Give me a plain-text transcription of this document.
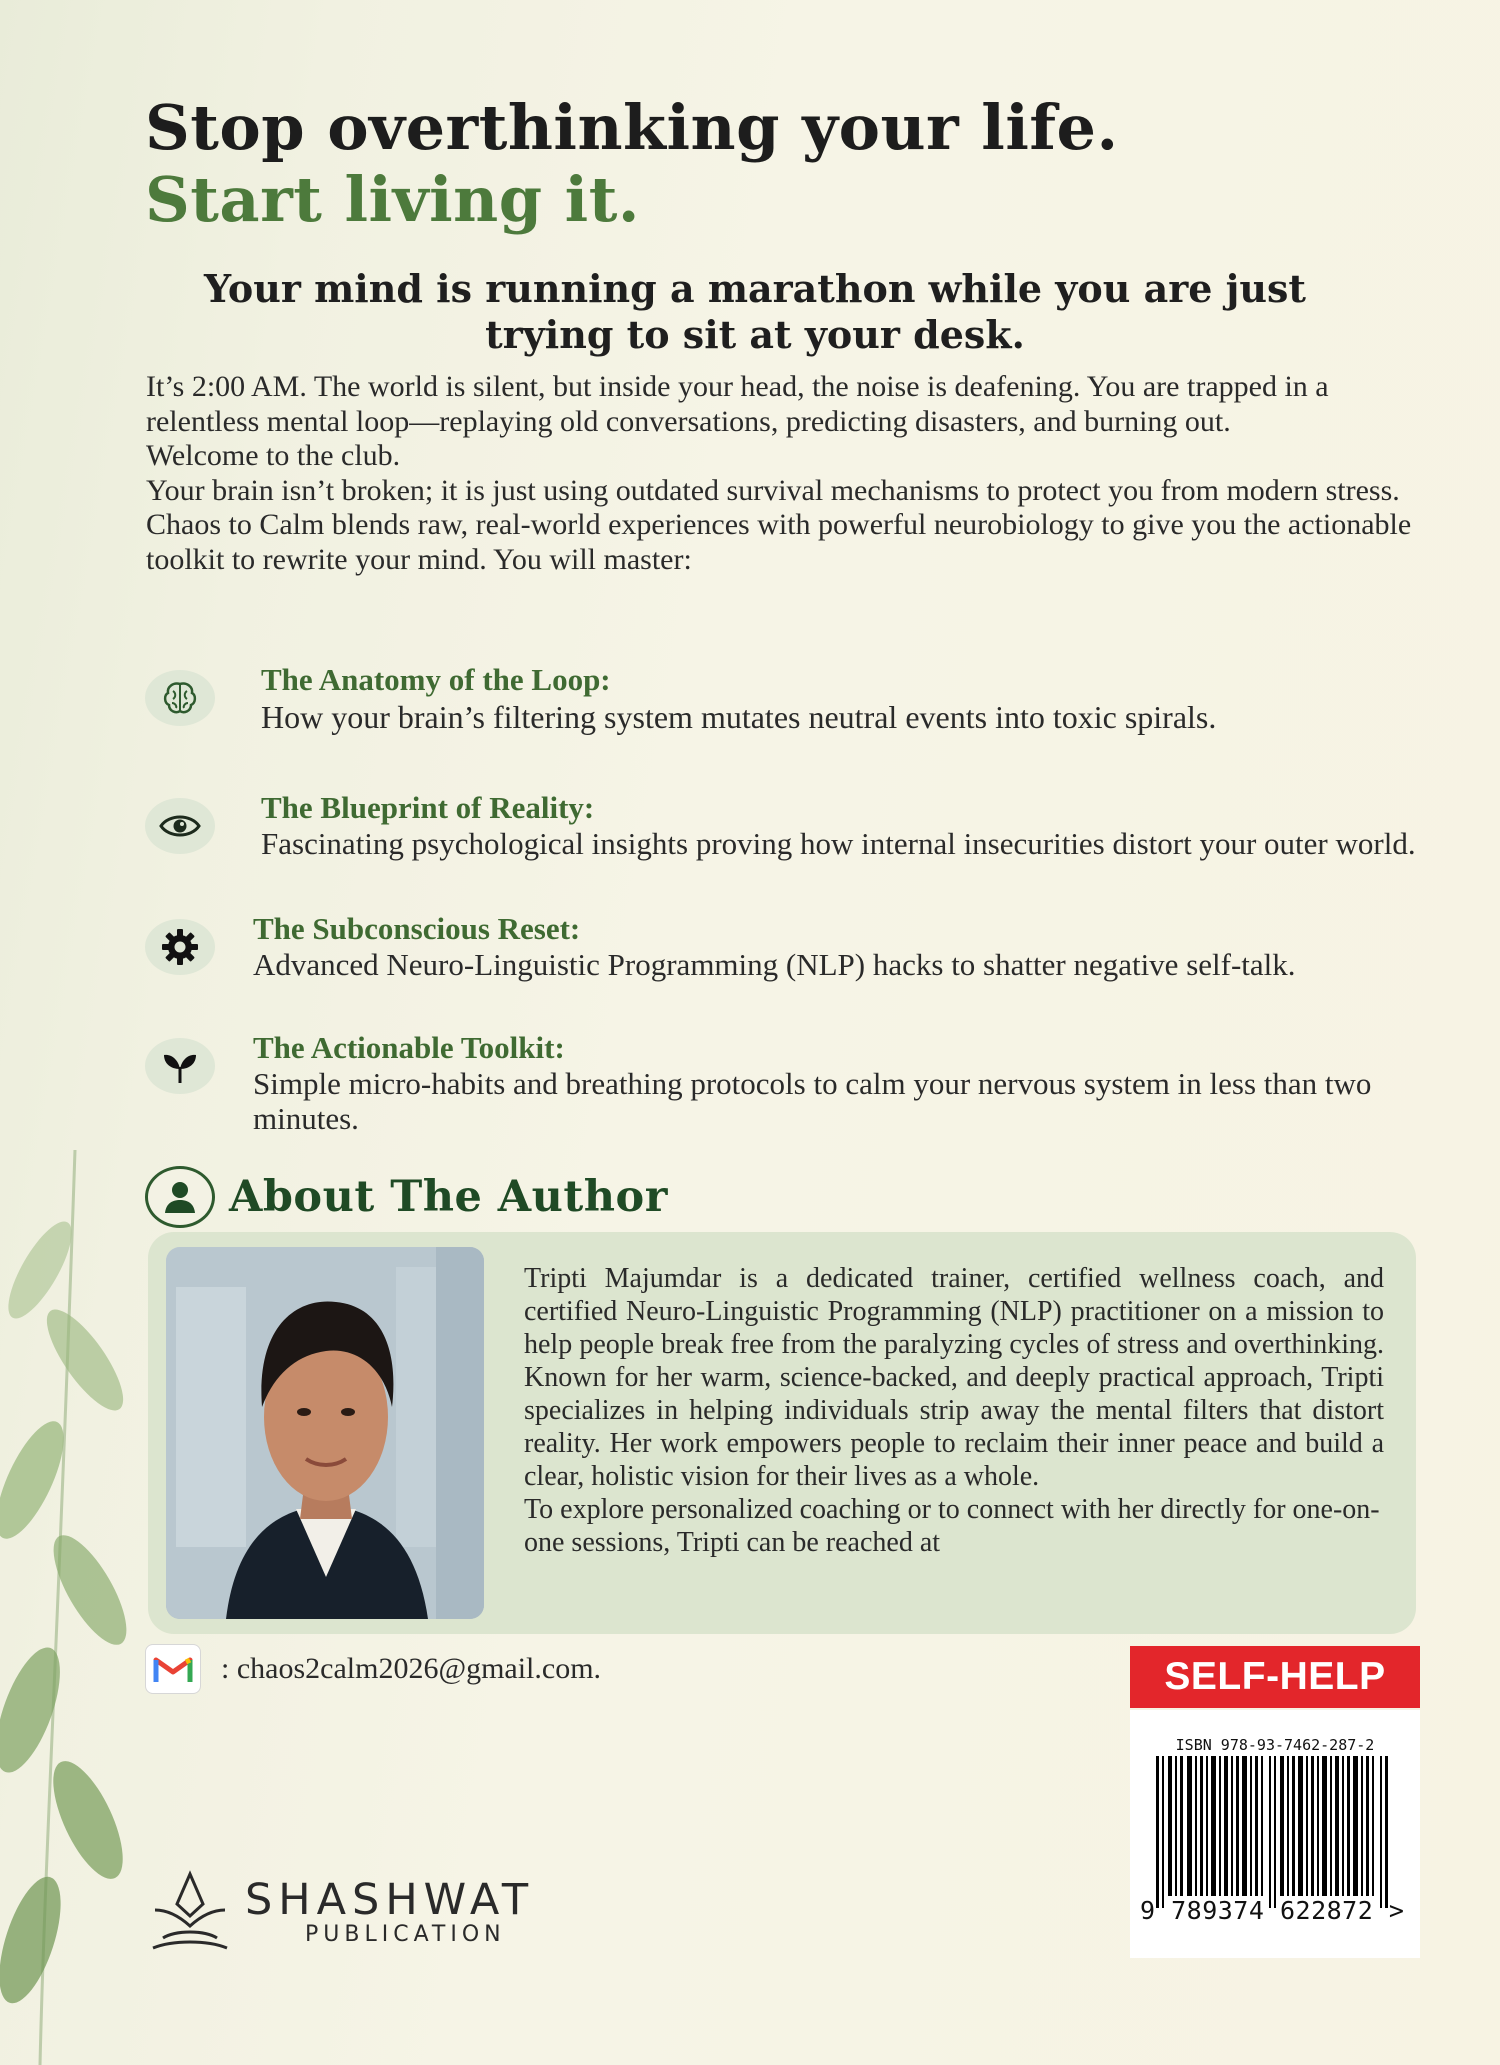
Stop overthinking your life.
Start living it.
Your mind is running a marathon while you are just trying to sit at your desk.

It’s 2:00 AM. The world is silent, but inside your head, the noise is deafening. You are trapped in a relentless mental loop—replaying old conversations, predicting disasters, and burning out.

Welcome to the club.

Your brain isn’t broken; it is just using outdated survival mechanisms to protect you from modern stress.

Chaos to Calm blends raw, real-world experiences with powerful neurobiology to give you the actionable toolkit to rewrite your mind. You will master:

The Anatomy of the Loop:
How your brain’s filtering system mutates neutral events into toxic spirals.
The Blueprint of Reality:
Fascinating psychological insights proving how internal insecurities distort your outer world.
The Subconscious Reset:
Advanced Neuro-Linguistic Programming (NLP) hacks to shatter negative self-talk.
The Actionable Toolkit:
Simple micro-habits and breathing protocols to calm your nervous system in less than two minutes.
About The Author

Tripti Majumdar is a dedicated trainer, certified wellness coach, and certified Neuro-Linguistic Programming (NLP) practitioner on a mission to help people break free from the paralyzing cycles of stress and overthinking. Known for her warm, science-backed, and deeply practical approach, Tripti specializes in helping individuals strip away the mental filters that distort reality. Her work empowers people to reclaim their inner peace and build a clear, holistic vision for their lives as a whole.

To explore personalized coaching or to connect with her directly for one-on-one sessions, Tripti can be reached at

: chaos2calm2026@gmail.com.	SELF-HELP
ISBN 978-93-7462-287-2
9 789374 622872 >
SHASHWAT
PUBLICATION
